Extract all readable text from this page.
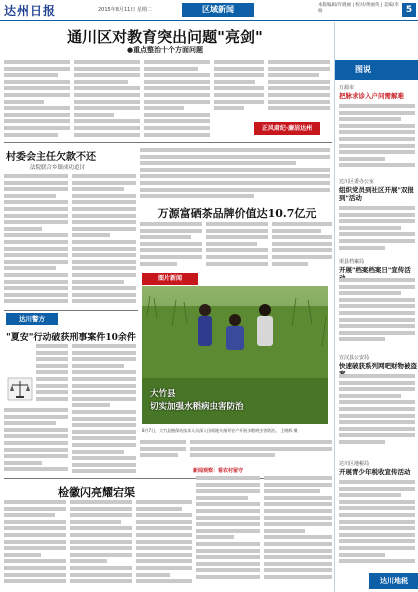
达州日报	2015年8月11日 星期二	区域新闻	本版编辑/许晓丽 | 校对/黄丽英 | 美编/李 杨	5
通川区对教育突出问题"亮剑"
●重点整治十个方面问题
正风肃纪·廉洁达州
村委会主任欠款不还
法院联合乡镇成功追讨
达川警方
"夏安"行动破获刑事案件10余件
万源富硒茶品牌价值达10.7亿元
图片新闻
大竹县
切实加强水稻病虫害防治
8月7日，大竹县植保站技术人员深入田间地头指导农户开展水稻病虫害防治。 王晓辉 摄
检徽闪亮耀宕渠
新闻观察：看农村留守
图说
万源市
把脉求诊入户问需解难
达川区委办公室
组织党员到社区开展"双报到"活动
渠县档案局
开展"档案档案日"宣传活
宣汉县公安局
快速破获系列网吧财物被盗
达川区地税局
开展青少年税收宣传活动
达川地税
